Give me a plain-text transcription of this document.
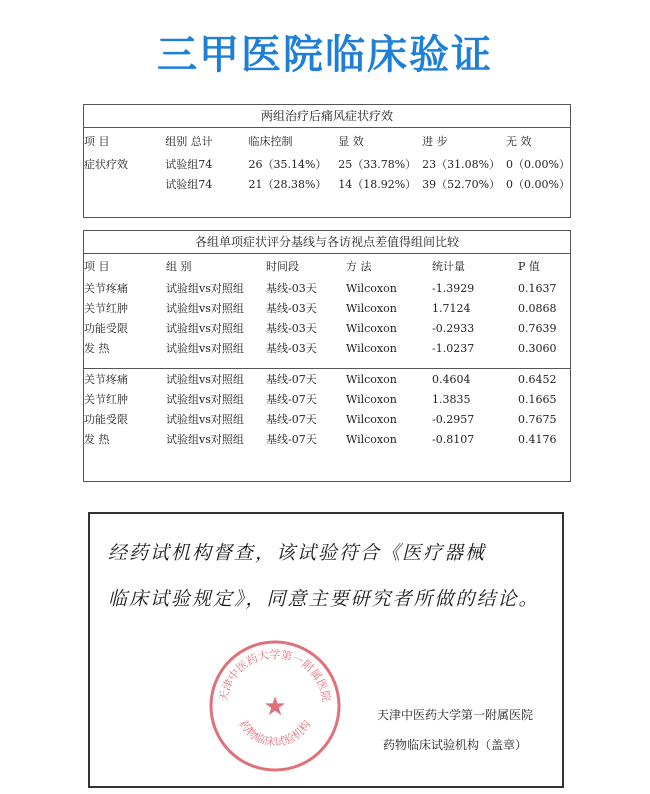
三甲医院临床验证
两组治疗后痛风症状疗效
项 目	组别 总计	临床控制	显 效	进 步	无 效
症状疗效	试验组74	26（35.14%）	25（33.78%）	23（31.08%）	0（0.00%）
	试验组74	21（28.38%）	14（18.92%）	39（52.70%）	0（0.00%）
各组单项症状评分基线与各访视点差值得组间比较
项 目	组 别	时间段	方 法	统计量	P 值
关节疼痛	试验组vs对照组	基线-03天	Wilcoxon	-1.3929	0.1637
关节红肿	试验组vs对照组	基线-03天	Wilcoxon	1.7124	0.0868
功能受限	试验组vs对照组	基线-03天	Wilcoxon	-0.2933	0.7639
发 热	试验组vs对照组	基线-03天	Wilcoxon	-1.0237	0.3060

关节疼痛	试验组vs对照组	基线-07天	Wilcoxon	0.4604	0.6452
关节红肿	试验组vs对照组	基线-07天	Wilcoxon	1.3835	0.1665
功能受限	试验组vs对照组	基线-07天	Wilcoxon	-0.2957	0.7675
发 热	试验组vs对照组	基线-07天	Wilcoxon	-0.8107	0.4176
经药试机构督查，该试验符合《医疗器械
临床试验规定》，同意主要研究者所做的结论。
天津中医药大学第一附属医院
★
药物临床试验机构
天津中医药大学第一附属医院
药物临床试验机构（盖章）
